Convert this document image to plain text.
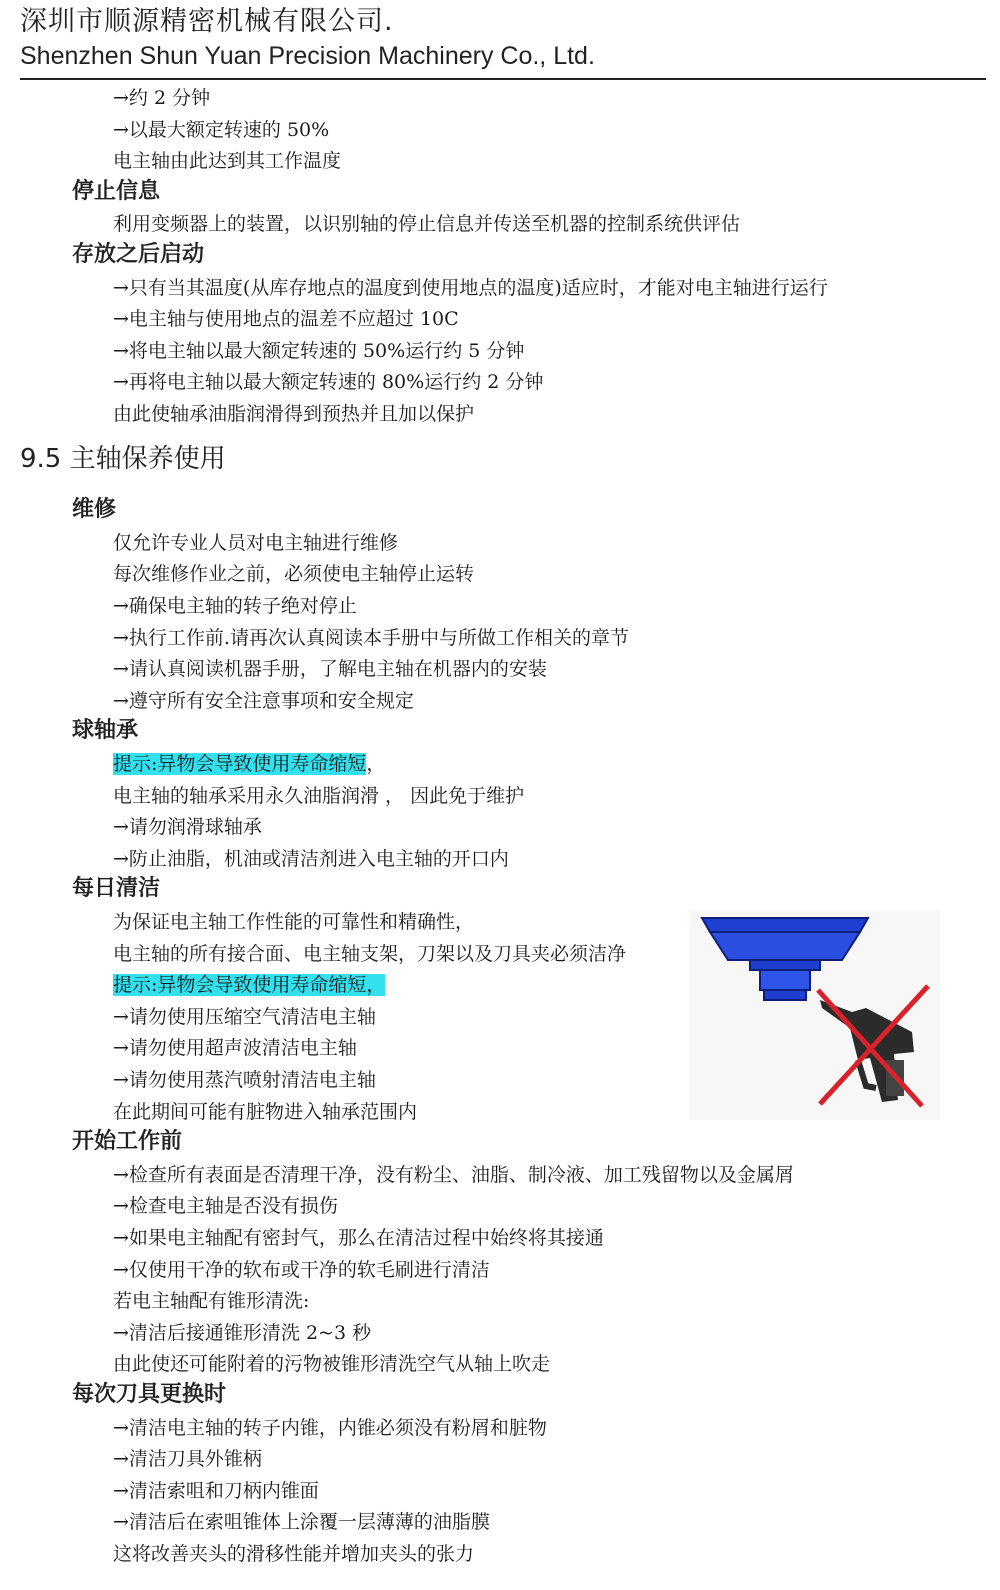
深圳市顺源精密机械有限公司.
Shenzhen Shun Yuan Precision Machinery Co., Ltd.
→约 2 分钟
→以最大额定转速的 50%
电主轴由此达到其工作温度
停止信息
利用变频器上的装置，以识别轴的停止信息并传送至机器的控制系统供评估
存放之后启动
→只有当其温度(从库存地点的温度到使用地点的温度)适应时，才能对电主轴进行运行
→电主轴与使用地点的温差不应超过 10C
→将电主轴以最大额定转速的 50%运行约 5 分钟
→再将电主轴以最大额定转速的 80%运行约 2 分钟
由此使轴承油脂润滑得到预热并且加以保护
9.5 主轴保养使用
维修
仅允许专业人员对电主轴进行维修
每次维修作业之前，必须使电主轴停止运转
→确保电主轴的转子绝对停止
→执行工作前.请再次认真阅读本手册中与所做工作相关的章节
→请认真阅读机器手册，了解电主轴在机器内的安装
→遵守所有安全注意事项和安全规定
球轴承
提示:异物会导致使用寿命缩短，
电主轴的轴承采用永久油脂润滑 ， 因此免于维护
→请勿润滑球轴承
→防止油脂，机油或清洁剂进入电主轴的开口内
每日清洁
为保证电主轴工作性能的可靠性和精确性，
电主轴的所有接合面、电主轴支架，刀架以及刀具夹必须洁净
提示:异物会导致使用寿命缩短，
→请勿使用压缩空气清洁电主轴
→请勿使用超声波清洁电主轴
→请勿使用蒸汽喷射清洁电主轴
在此期间可能有脏物进入轴承范围内
开始工作前
→检查所有表面是否清理干净，没有粉尘、油脂、制冷液、加工残留物以及金属屑
→检查电主轴是否没有损伤
→如果电主轴配有密封气，那么在清洁过程中始终将其接通
→仅使用干净的软布或干净的软毛刷进行清洁
若电主轴配有锥形清洗:
→清洁后接通锥形清洗 2~3 秒
由此使还可能附着的污物被锥形清洗空气从轴上吹走
每次刀具更换时
→清洁电主轴的转子内锥，内锥必须没有粉屑和脏物
→清洁刀具外锥柄
→清洁索咀和刀柄内锥面
→清洁后在索咀锥体上涂覆一层薄薄的油脂膜
这将改善夹头的滑移性能并增加夹头的张力
